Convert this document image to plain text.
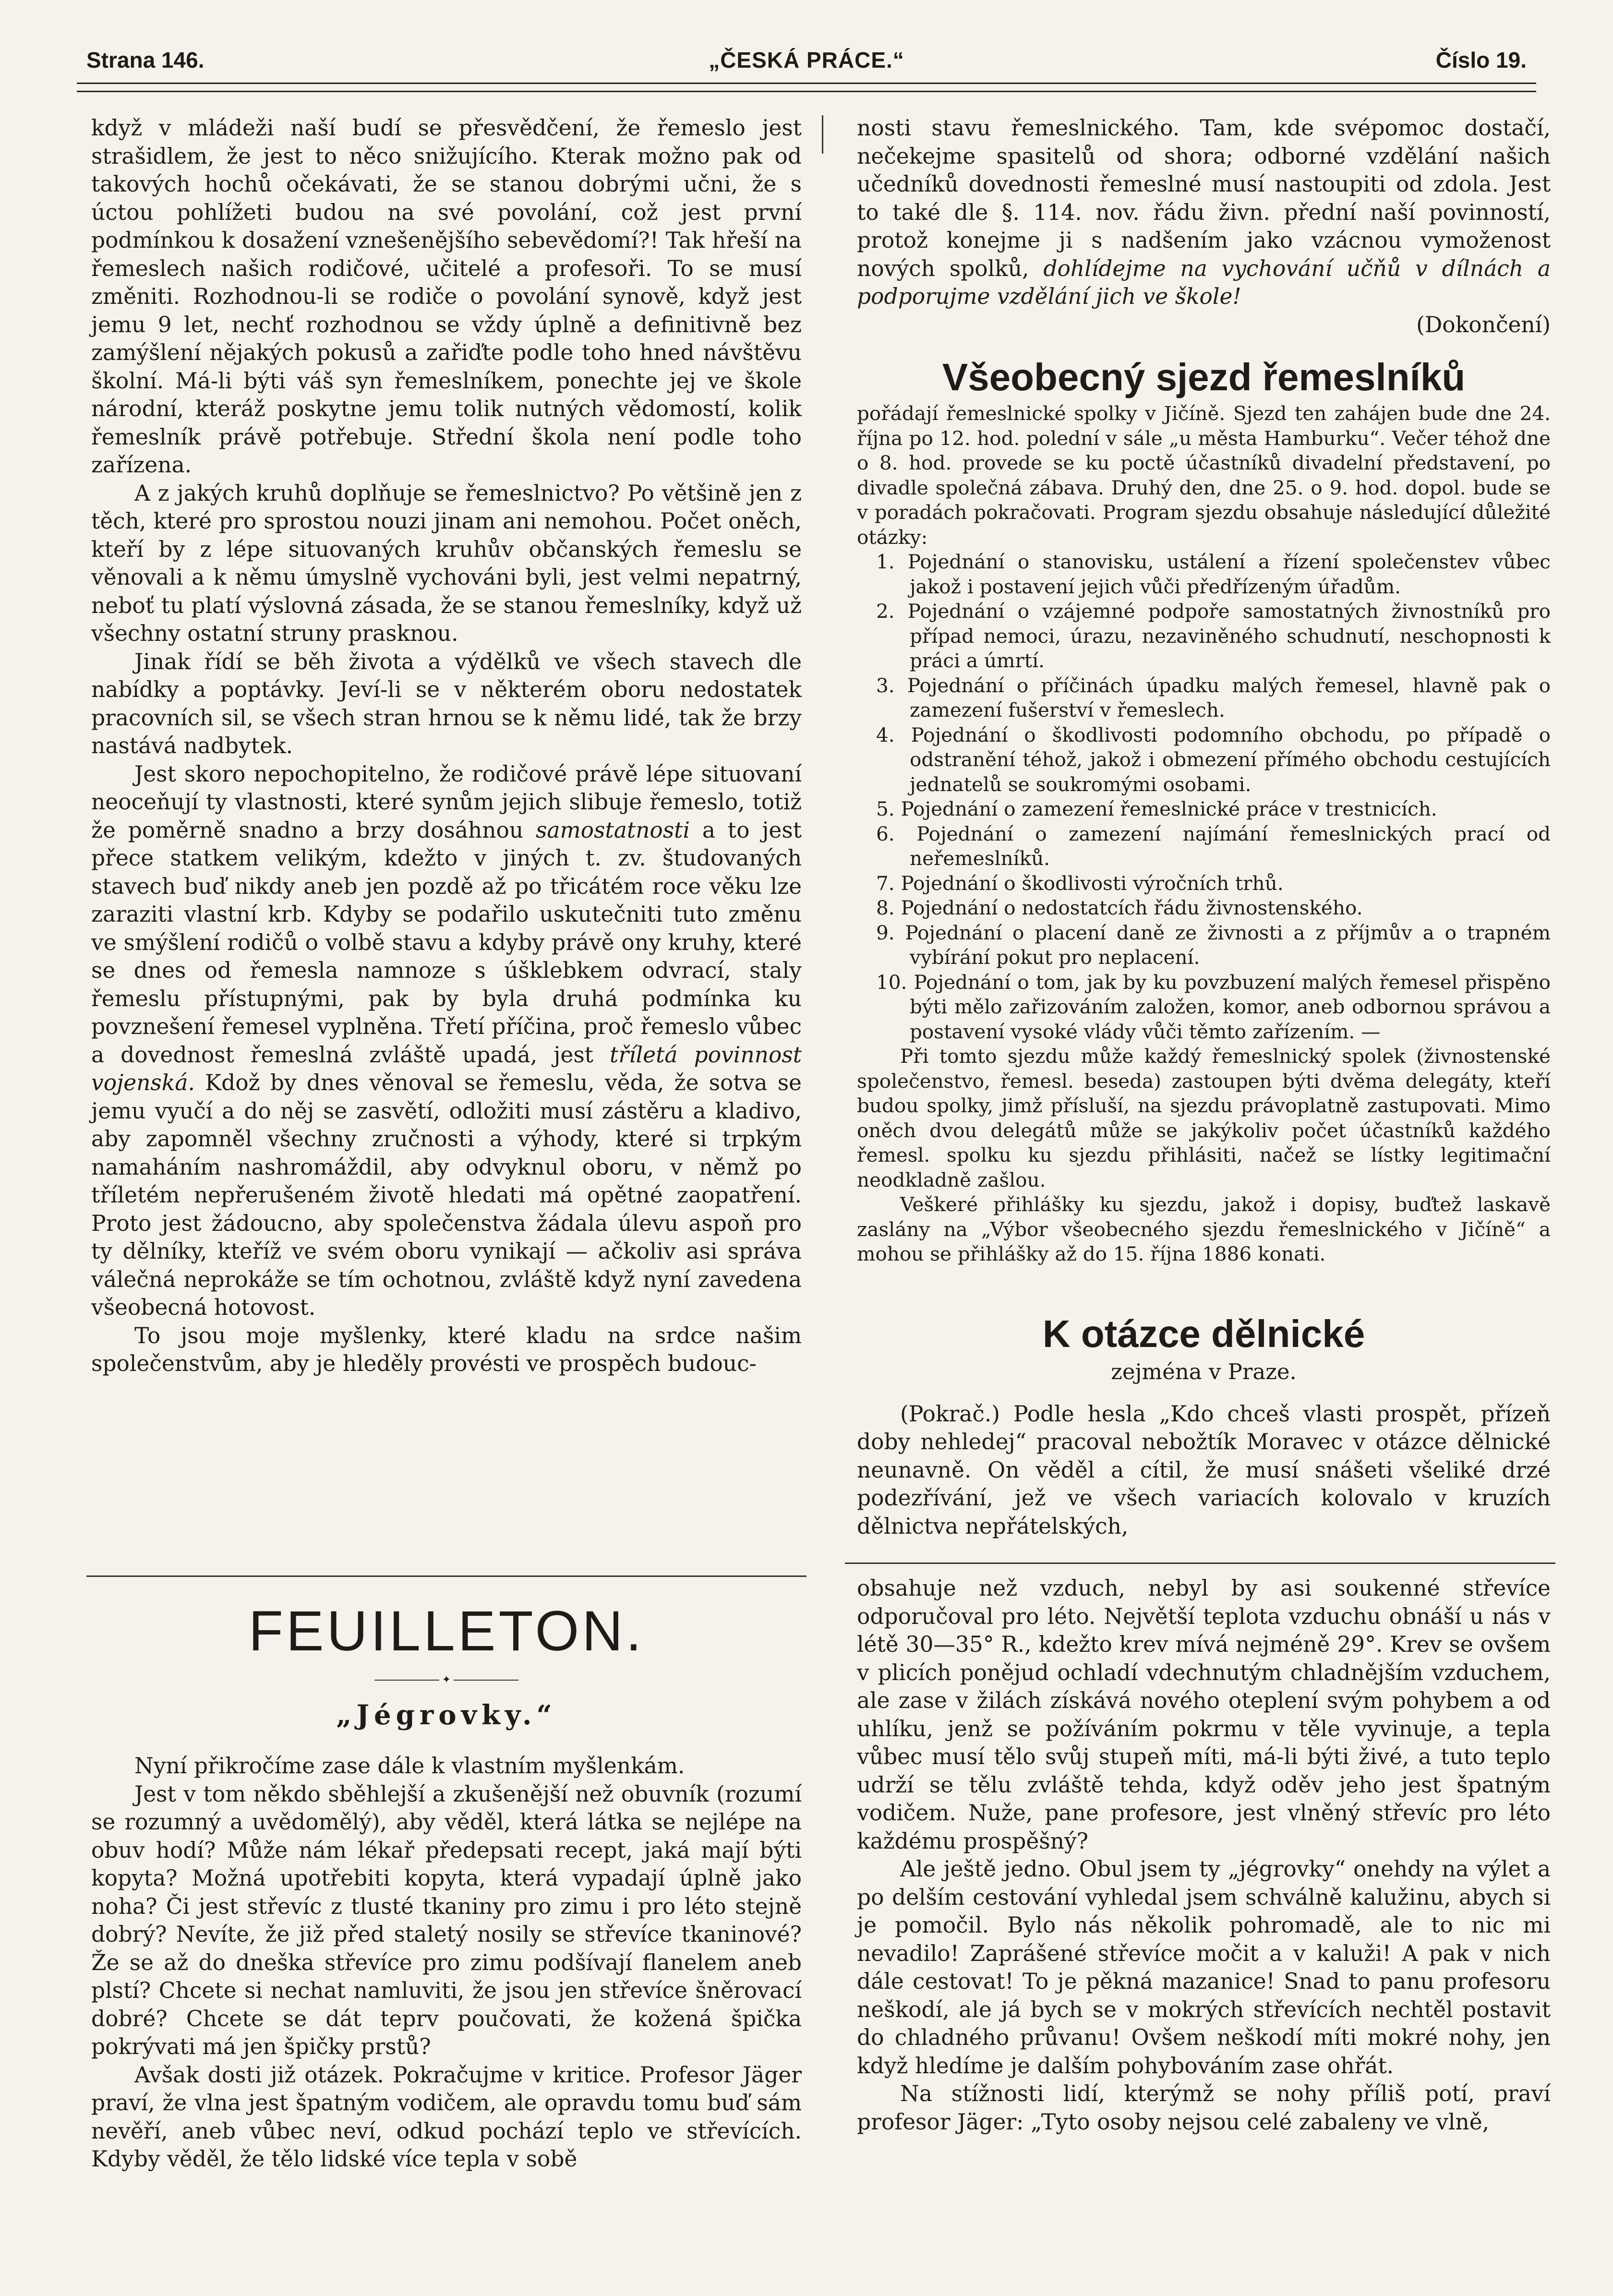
Strana 146.	„ČESKÁ PRÁCE.“	Číslo 19.

když v mládeži naší budí se přesvědčení, že řemeslo jest strašidlem, že jest to něco snižujícího. Kterak možno pak od takových hochů očekávati, že se stanou dobrými učni, že s úctou pohlížeti budou na své povolání, což jest první podmínkou k dosažení vznešenějšího sebevědomí?! Tak hřeší na řemeslech našich rodičové, učitelé a profesoři. To se musí změniti. Rozhodnou-li se rodiče o povolání synově, když jest jemu 9 let, nechť rozhodnou se vždy úplně a definitivně bez zamýšlení nějakých pokusů a zařiďte podle toho hned návštěvu školní. Má-li býti váš syn řemeslníkem, ponechte jej ve škole národní, kteráž poskytne jemu tolik nutných vědomostí, kolik řemeslník právě potřebuje. Střední škola není podle toho zařízena.

A z jakých kruhů doplňuje se řemeslnictvo? Po většině jen z těch, které pro sprostou nouzi jinam ani nemohou. Počet oněch, kteří by z lépe situovaných kruhův občanských řemeslu se věnovali a k němu úmyslně vychováni byli, jest velmi nepatrný, neboť tu platí výslovná zásada, že se stanou řemeslníky, když už všechny ostatní struny prasknou.

Jinak řídí se běh života a výdělků ve všech stavech dle nabídky a poptávky. Jeví-li se v některém oboru nedostatek pracovních sil, se všech stran hrnou se k němu lidé, tak že brzy nastává nadbytek.

Jest skoro nepochopitelno, že rodičové právě lépe situovaní neoceňují ty vlastnosti, které synům jejich slibuje řemeslo, totiž že poměrně snadno a brzy dosáhnou samostatnosti a to jest přece statkem velikým, kdežto v jiných t. zv. študovaných stavech buď nikdy aneb jen pozdě až po třicátém roce věku lze zaraziti vlastní krb. Kdyby se podařilo uskutečniti tuto změnu ve smýšlení rodičů o volbě stavu a kdyby právě ony kruhy, které se dnes od řemesla namnoze s úšklebkem odvrací, staly řemeslu přístupnými, pak by byla druhá podmínka ku povznešení řemesel vyplněna. Třetí příčina, proč řemeslo vůbec a dovednost řemeslná zvláště upadá, jest tříletá povinnost vojenská. Kdož by dnes věnoval se řemeslu, věda, že sotva se jemu vyučí a do něj se zasvětí, odložiti musí zástěru a kladivo, aby zapomněl všechny zručnosti a výhody, které si trpkým namaháním nashromáždil, aby odvyknul oboru, v němž po tříletém nepřerušeném životě hledati má opětné zaopatření. Proto jest žádoucno, aby společenstva žádala úlevu aspoň pro ty dělníky, kteříž ve svém oboru vynikají — ačkoliv asi správa válečná neprokáže se tím ochotnou, zvláště když nyní zavedena všeobecná hotovost.

To jsou moje myšlenky, které kladu na srdce našim společenstvům, aby je hleděly provésti ve prospěch budouc-

nosti stavu řemeslnického. Tam, kde svépomoc dostačí, nečekejme spasitelů od shora; odborné vzdělání našich učedníků dovednosti řemeslné musí nastoupiti od zdola. Jest to také dle §. 114. nov. řádu živn. přední naší povinností, protož konejme ji s nadšením jako vzácnou vymoženost nových spolků, dohlídejme na vychování učňů v dílnách a podporujme vzdělání jich ve škole!

(Dokončení)

Všeobecný sjezd řemeslníků

pořádají řemeslnické spolky v Jičíně. Sjezd ten zahájen bude dne 24. října po 12. hod. polední v sále „u města Hamburku“. Večer téhož dne o 8. hod. provede se ku poctě účastníků divadelní představení, po divadle společná zábava. Druhý den, dne 25. o 9. hod. dopol. bude se v poradách pokračovati. Program sjezdu obsahuje následující důležité otázky:

1. Pojednání o stanovisku, ustálení a řízení společenstev vůbec jakož i postavení jejich vůči předřízeným úřadům.
2. Pojednání o vzájemné podpoře samostatných živnostníků pro případ nemoci, úrazu, nezaviněného schudnutí, neschopnosti k práci a úmrtí.
3. Pojednání o příčinách úpadku malých řemesel, hlavně pak o zamezení fušerství v řemeslech.
4. Pojednání o škodlivosti podomního obchodu, po případě o odstranění téhož, jakož i obmezení přímého obchodu cestujících jednatelů se soukromými osobami.
5. Pojednání o zamezení řemeslnické práce v trestnicích.
6. Pojednání o zamezení najímání řemeslnických prací od neřemeslníků.
7. Pojednání o škodlivosti výročních trhů.
8. Pojednání o nedostatcích řádu živnostenského.
9. Pojednání o placení daně ze živnosti a z příjmův a o trapném vybírání pokut pro neplacení.
10. Pojednání o tom, jak by ku povzbuzení malých řemesel přispěno býti mělo zařizováním založen, komor, aneb odbornou správou a postavení vysoké vlády vůči těmto zařízením. —

Při tomto sjezdu může každý řemeslnický spolek (živnostenské společenstvo, řemesl. beseda) zastoupen býti dvěma delegáty, kteří budou spolky, jimž přísluší, na sjezdu právoplatně zastupovati. Mimo oněch dvou delegátů může se jakýkoliv počet účastníků každého řemesl. spolku ku sjezdu přihlásiti, načež se lístky legitimační neodkladně zašlou.

Veškeré přihlášky ku sjezdu, jakož i dopisy, buďtež laskavě zaslány na „Výbor všeobecného sjezdu řemeslnického v Jičíně“ a mohou se přihlášky až do 15. října 1886 konati.

K otázce dělnické
zejména v Praze.

(Pokrač.) Podle hesla „Kdo chceš vlasti prospět, přízeň doby nehledej“ pracoval nebožtík Moravec v otázce dělnické neunavně. On věděl a cítil, že musí snášeti všeliké drzé podezřívání, jež ve všech variacích kolovalo v kruzích dělnictva nepřátelských,

FEUILLETON.
✦
„Jégrovky.“

Nyní přikročíme zase dále k vlastním myšlenkám.

Jest v tom někdo sběhlejší a zkušenější než obuvník (rozumí se rozumný a uvědomělý), aby věděl, která látka se nejlépe na obuv hodí? Může nám lékař předepsati recept, jaká mají býti kopyta? Možná upotřebiti kopyta, která vypadají úplně jako noha? Či jest střevíc z tlusté tkaniny pro zimu i pro léto stejně dobrý? Nevíte, že již před staletý nosily se střevíce tkaninové? Že se až do dneška střevíce pro zimu podšívají flanelem aneb plstí? Chcete si nechat namluviti, že jsou jen střevíce šněrovací dobré? Chcete se dát teprv poučovati, že kožená špička pokrývati má jen špičky prstů?

Avšak dosti již otázek. Pokračujme v kritice. Profesor Jäger praví, že vlna jest špatným vodičem, ale opravdu tomu buď sám nevěří, aneb vůbec neví, odkud pochází teplo ve střevících. Kdyby věděl, že tělo lidské více tepla v sobě

obsahuje než vzduch, nebyl by asi soukenné střevíce odporučoval pro léto. Největší teplota vzduchu obnáší u nás v létě 30—35° R., kdežto krev mívá nejméně 29°. Krev se ovšem v plicích ponějud ochladí vdechnutým chladnějším vzduchem, ale zase v žilách získává nového oteplení svým pohybem a od uhlíku, jenž se požíváním pokrmu v těle vyvinuje, a tepla vůbec musí tělo svůj stupeň míti, má-li býti živé, a tuto teplo udrží se tělu zvláště tehda, když oděv jeho jest špatným vodičem. Nuže, pane profesore, jest vlněný střevíc pro léto každému prospěšný?

Ale ještě jedno. Obul jsem ty „jégrovky“ onehdy na výlet a po delším cestování vyhledal jsem schválně kalužinu, abych si je pomočil. Bylo nás několik pohromadě, ale to nic mi nevadilo! Zaprášené střevíce močit a v kaluži! A pak v nich dále cestovat! To je pěkná mazanice! Snad to panu profesoru neškodí, ale já bych se v mokrých střevících nechtěl postavit do chladného průvanu! Ovšem neškodí míti mokré nohy, jen když hledíme je dalším pohybováním zase ohřát.

Na stížnosti lidí, kterýmž se nohy příliš potí, praví profesor Jäger: „Tyto osoby nejsou celé zabaleny ve vlně,
